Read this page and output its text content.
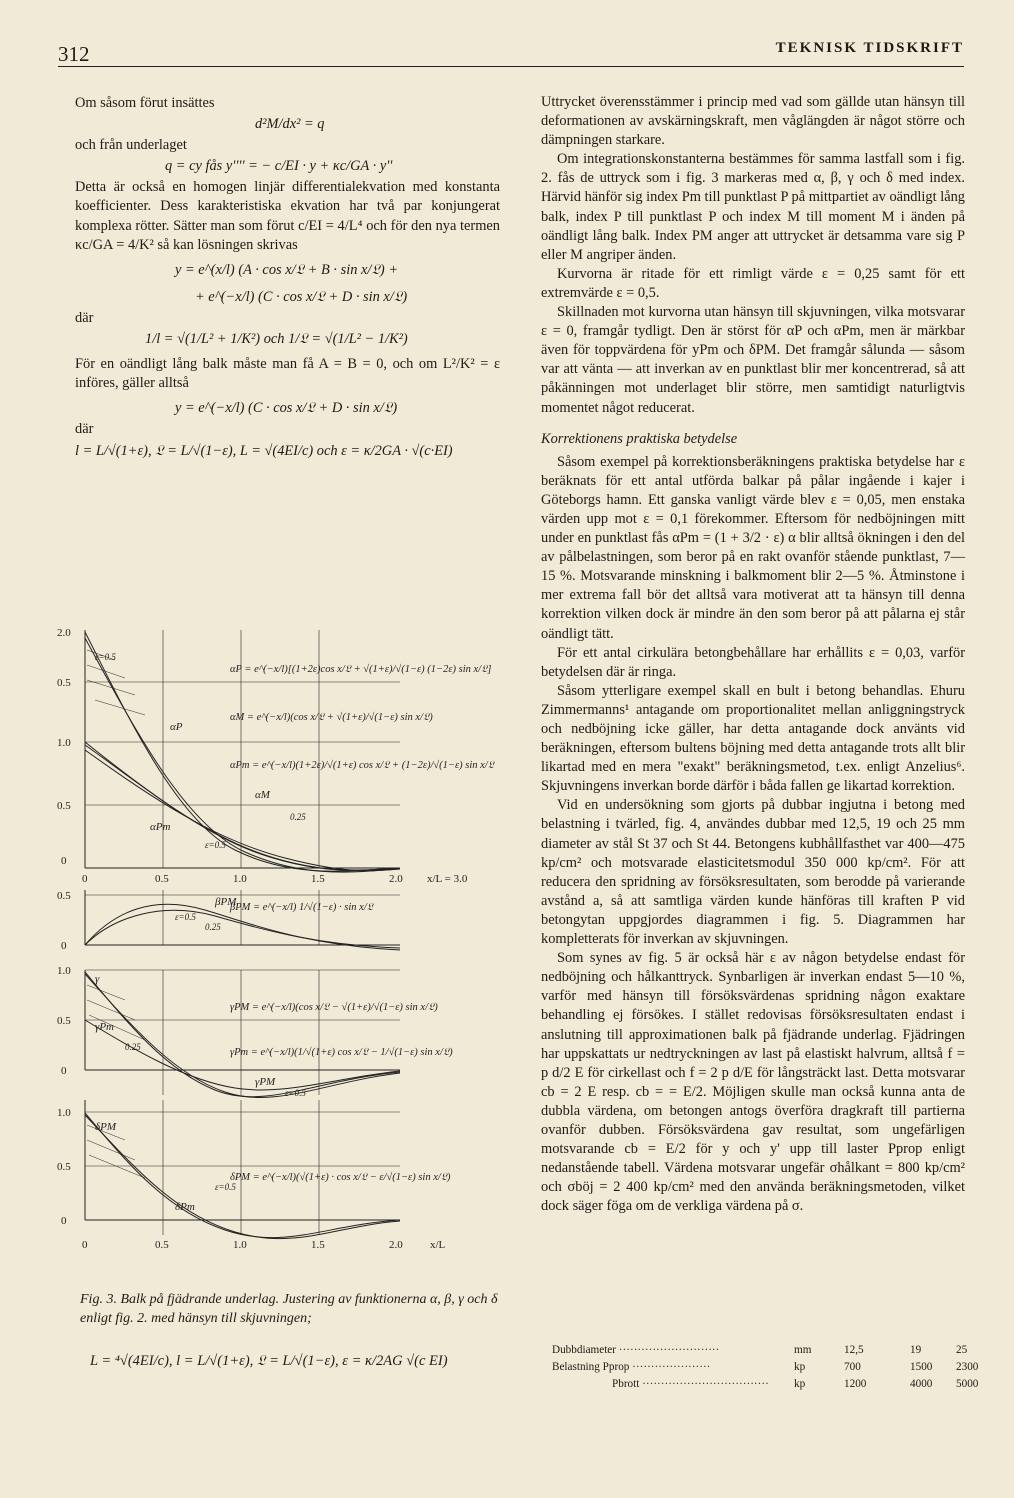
312	TEKNISK TIDSKRIFT

Om såsom förut insättes

d²M/dx² = q

och från underlaget

q = cy fås y'''' = − c/EI · y + κc/GA · y''

Detta är också en homogen linjär differentialekvation med konstanta koefficienter. Dess karakteristiska ekvation har två par konjungerat komplexa rötter. Sätter man som förut c/EI = 4/L⁴ och för den nya termen κc/GA = 4/K² så kan lösningen skrivas

y = e^(x/l) (A · cos x/𝔏 + B · sin x/𝔏) +
+ e^(−x/l) (C · cos x/𝔏 + D · sin x/𝔏)

där

1/l = √(1/L² + 1/K²) och 1/𝔏 = √(1/L² − 1/K²)

För en oändligt lång balk måste man få A = B = 0, och om L²/K² = ε införes, gäller alltså

y = e^(−x/l) (C · cos x/𝔏 + D · sin x/𝔏)

där

l = L/√(1+ε), 𝔏 = L/√(1−ε), L = √(4EI/c) och ε = κ/2GA · √(c·EI)
2.0
0.5
1.0
0.5
0
0.5
0
1.0
0.5
0
1.0
0.5
0
0	0.5	1.0	1.5	2.0 x/L = 3.0
0	0.5	1.0	1.5	2.0 x/L
αP
αM
αPm
βPM
γ
γPm
γPM
δPM
δPm
ε=0.5
0.25
ε=0.5
ε=0.5
0.25
ε=0.5
0.25
ε=0.5
αP = e^(−x/l)[(1+2ε)cos x/𝔏 + √(1+ε)/√(1−ε) (1−2ε) sin x/𝔏]
αM = e^(−x/l)(cos x/𝔏 + √(1+ε)/√(1−ε) sin x/𝔏)
αPm = e^(−x/l)(1+2ε)/√(1+ε) cos x/𝔏 + (1−2ε)/√(1−ε) sin x/𝔏
βPM = e^(−x/l) 1/√(1−ε) · sin x/𝔏
γPM = e^(−x/l)(cos x/𝔏 − √(1+ε)/√(1−ε) sin x/𝔏)
γPm = e^(−x/l)(1/√(1+ε) cos x/𝔏 − 1/√(1−ε) sin x/𝔏)
δPM = e^(−x/l)(√(1+ε) · cos x/𝔏 − ε/√(1−ε) sin x/𝔏)
Fig. 3. Balk på fjädrande underlag. Justering av funktionerna α, β, γ och δ enligt fig. 2. med hänsyn till skjuvningen;
L = ⁴√(4EI/c), l = L/√(1+ε), 𝔏 = L/√(1−ε), ε = κ/2AG √(c EI)

Uttrycket överensstämmer i princip med vad som gällde utan hänsyn till deformationen av avskärningskraft, men våglängden är något större och dämpningen starkare.

Om integrationskonstanterna bestämmes för samma lastfall som i fig. 2. fås de uttryck som i fig. 3 markeras med α, β, γ och δ med index. Härvid hänför sig index Pm till punktlast P på mittpartiet av oändligt lång balk, index P till punktlast P och index M till moment M i änden på oändligt lång balk. Index PM anger att uttrycket är detsamma vare sig P eller M angriper änden.

Kurvorna är ritade för ett rimligt värde ε = 0,25 samt för ett extremvärde ε = 0,5.

Skillnaden mot kurvorna utan hänsyn till skjuvningen, vilka motsvarar ε = 0, framgår tydligt. Den är störst för αP och αPm, men är märkbar även för toppvärdena för yPm och δPM. Det framgår sålunda — såsom var att vänta — att inverkan av en punktlast blir mer koncentrerad, så att påkänningen mot underlaget blir större, men samtidigt naturligtvis momentet något reducerat.

Korrektionens praktiska betydelse

Såsom exempel på korrektionsberäkningens praktiska betydelse har ε beräknats för ett antal utförda balkar på pålar ingående i kajer i Göteborgs hamn. Ett ganska vanligt värde blev ε = 0,05, men enstaka värden upp mot ε = 0,1 förekommer. Eftersom för nedböjningen mitt under en punktlast fås αPm = (1 + 3/2 · ε) α blir alltså ökningen i den del av pålbelastningen, som beror på en rakt ovanför stående punktlast, 7—15 %. Motsvarande minskning i balkmoment blir 2—5 %. Åtminstone i mer extrema fall bör det alltså vara motiverat att ta hänsyn till denna korrektion vilken dock är mindre än den som beror på att pålarna ej står oändligt tätt.

För ett antal cirkulära betongbehållare har erhållits ε = 0,03, varför betydelsen där är ringa.

Såsom ytterligare exempel skall en bult i betong behandlas. Ehuru Zimmermanns¹ antagande om proportionalitet mellan anliggningstryck och nedböjning icke gäller, har detta antagande dock använts vid beräkningen, eftersom bultens böjning med detta antagande trots allt blir likartad med en mera "exakt" beräkningsmetod, t.ex. enligt Anzelius⁶. Skjuvningens inverkan borde därför i båda fallen ge likartad korrektion.

Vid en undersökning som gjorts på dubbar ingjutna i betong med belastning i tvärled, fig. 4, användes dubbar med 12,5, 19 och 25 mm diameter av stål St 37 och St 44. Betongens kubhållfasthet var 400—475 kp/cm² och motsvarade elasticitetsmodul 350 000 kp/cm². För att reducera den spridning av försöksresultaten, som berodde på varierande avstånd a, så att samtliga värden kunde hänföras till kraften P vid betongytan uppgjordes diagrammen i fig. 5. Diagrammen har kompletterats för inverkan av skjuvningen.

Som synes av fig. 5 är också här ε av någon betydelse endast för nedböjning och hålkanttryck. Synbarligen är inverkan endast 5—10 %, varför med hänsyn till försöksvärdenas spridning någon exaktare behandling ej försökes. I stället redovisas försöksresultaten endast i anslutning till approximationen balk på fjädrande underlag. Fjädringen har uppskattats ur nedtryckningen av last på elastiskt halvrum, alltså f = p d/2 E för cirkellast och f = 2 p d/E för långsträckt last. Detta motsvarar cb = 2 E resp. cb = = E/2. Möjligen skulle man också kunna anta de dubbla värdena, om betongen antogs överföra dragkraft till partierna ovanför dubben. Försöksvärdena gav resultat, som ungefärligen motsvarande cb = E/2 för y och y' upp till laster Pprop enligt nedanstående tabell. Värdena motsvarar ungefär σhålkant = 800 kp/cm² och σböj = 2 400 kp/cm² med den använda beräkningsmetoden, vilket dock säger föga om de verkliga värdena på σ.

Dubbdiameter ···························	mm	12,5	19	25
Belastning Pprop ·····················	kp	700	1500 2300
Pbrott ·································· kp	1200	4000 5000
